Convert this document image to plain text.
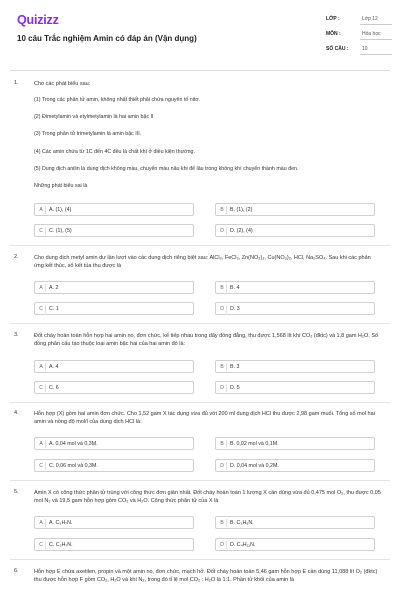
Quizizz
10 câu Trắc nghiệm Amin có đáp án (Vận dụng)
LỚP :	Lớp 12
MÔN :	Hóa học
SỐ CÂU :	10
1.	Cho các phát biểu sau:
(1) Trong các phân tử amin, không nhất thiết phải chứa nguyên tố nitơ.
(2) Đimetylamin và etylmetylamin là hai amin bậc II
(3) Trong phân tử trimetylamin là amin bậc III.
(4) Các amin chứa từ 1C đến 4C đều là chất khí ở điều kiện thường.
(5) Dung dịch anilin là dung dịch không màu, chuyển màu nâu khi để lâu trong không khí chuyển thành màu đen.
Những phát biểu sai là
A	A. (1), (4)	B	B. (1), (2)
C	C. (1), (5)	D	D. (2), (4)
2.	Cho dung dịch metyl amin dư lần lượt vào các dung dịch riêng biệt sau: AlCl₃, FeCl₃, Zn(NO₃)₂, Cu(NO₃)₂, HCl, Na₂SO₄. Sau khi các phản ứng kết thúc, số kết tủa thu được là
A	A. 2	B	B. 4
C	C. 1	D	D. 3
3.	Đốt cháy hoàn toàn hỗn hợp hai amin no, đơn chức, kế tiếp nhau trong dãy đồng đẳng, thu được 1,568 lít khí CO₂ (đktc) và 1,8 gam H₂O. Số đồng phân cấu tạo thuộc loại amin bậc hai của hai amin đó là:
A	A. 4	B	B. 3
C	C. 6	D	D. 5
4.	Hỗn hợp (X) gồm hai amin đơn chức. Cho 1,52 gam X tác dụng vừa đủ với 200 ml dung dịch HCl thu được 2,98 gam muối. Tổng số mol hai amin và nồng độ mol/l của dung dịch HCl là:
A	A. 0,04 mol và 0,3M.	B	B. 0,02 mol và 0,1M.
C	C. 0,06 mol và 0,3M.	D	D. 0,04 mol và 0,2M.
5.	Amin X có công thức phân tử trùng với công thức đơn giản nhất. Đốt cháy hoàn toàn 1 lượng X cần dùng vừa đủ 0,475 mol O₂, thu được 0,05 mol N₂ và 19,5 gam hỗn hợp gồm CO₂ và H₂O. Công thức phân tử của X là
A	A. C₃H₇N.	B	B. C₃H₉N.
C	C. C₂H₇N.	D	D. C₄H₁₁N.
6.	Hỗn hợp E chứa axetilen, propin và một amin no, đơn chức, mạch hở. Đốt cháy hoàn toàn 5,46 gam hỗn hợp E cần dùng 11,088 lít O₂ (đktc) thu được hỗn hợp F gồm CO₂, H₂O và khí N₂, trong đó tỉ lệ mol CO₂ : H₂O là 1:1. Phần tử khối của amin là
